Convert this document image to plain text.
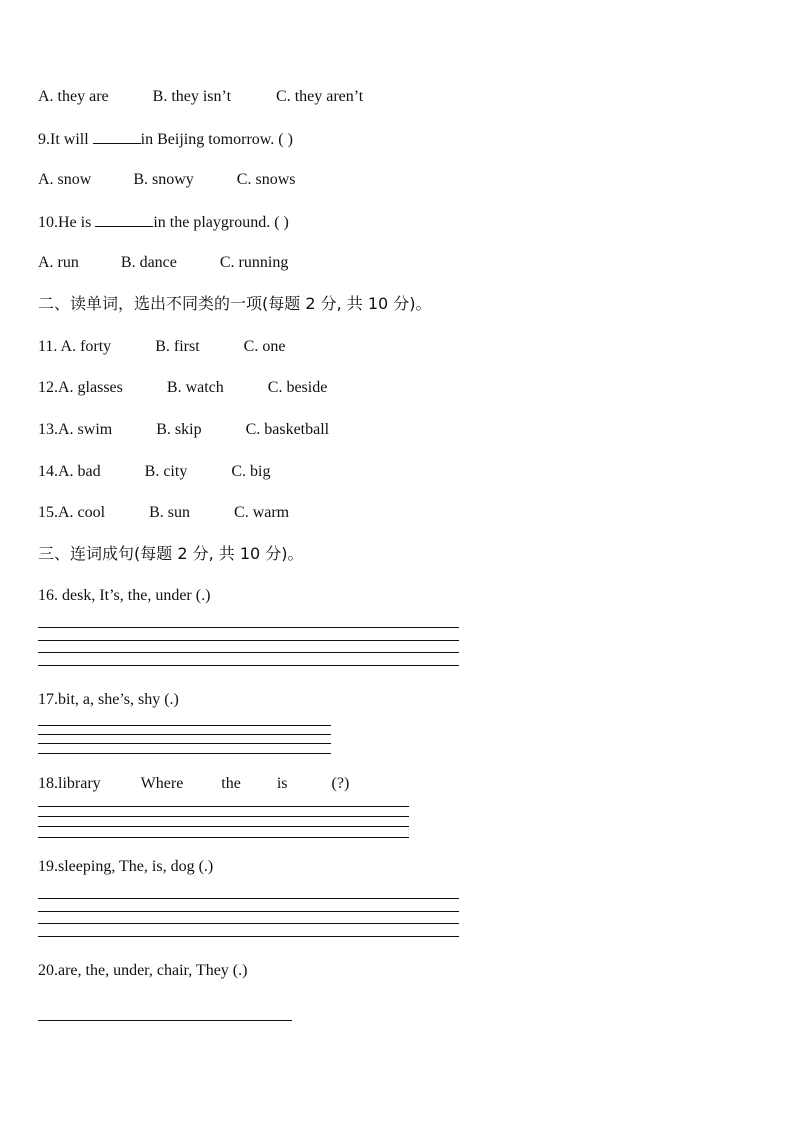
A. they are	B. they isn’t	C. they aren’t
9.It will	in Beijing tomorrow. ( )
A. snow	B. snowy	C. snows
10.He is	in the playground. ( )
A. run	B. dance	C. running
二、读单词，选出不同类的一项(每题 2 分, 共 10 分)。
11. A. forty	B. first	C. one
12.A. glasses	B. watch	C. beside
13.A. swim	B. skip	C. basketball
14.A. bad	B. city	C. big
15.A. cool	B. sun	C. warm
三、连词成句(每题 2 分, 共 10 分)。
16. desk, It’s, the, under (.)
17.bit, a, she’s, shy (.)
18.library	Where the is	(?)
19.sleeping, The, is, dog (.)
20.are, the, under, chair, They (.)
